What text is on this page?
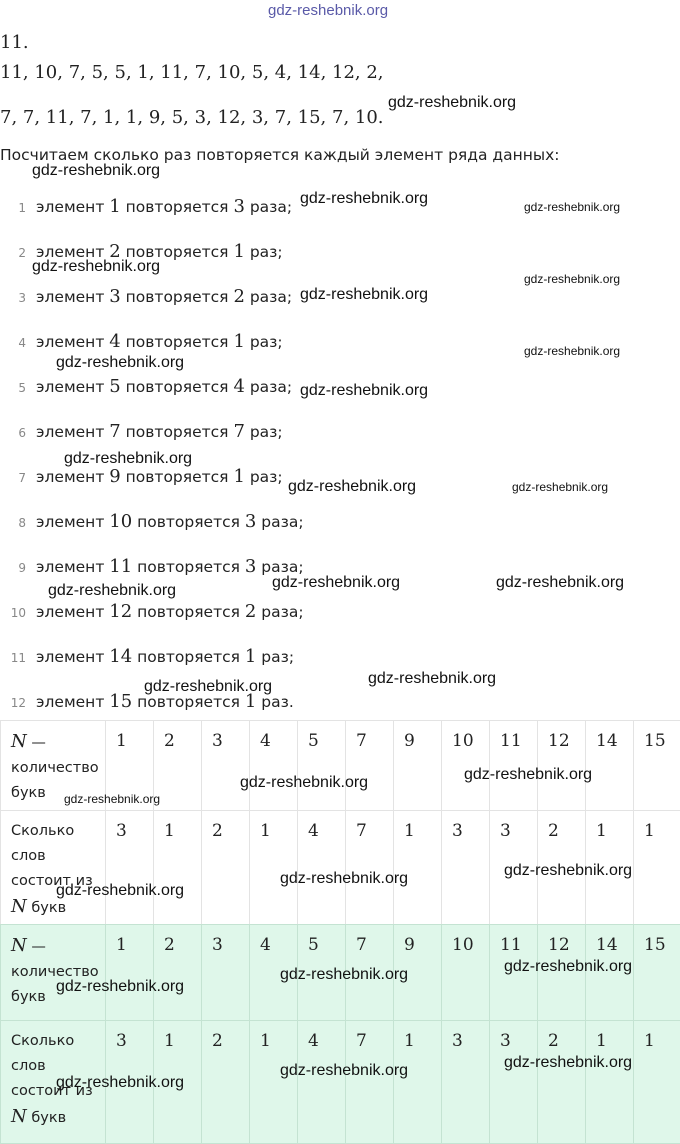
gdz-reshebnik.org
11.
11, 10, 7, 5, 5, 1, 11, 7, 10, 5, 4, 14, 12, 2,
7, 7, 11, 7, 1, 1, 9, 5, 3, 12, 3, 7, 15, 7, 10.
gdz-reshebnik.org
Посчитаем сколько раз повторяется каждый элемент ряда данных:
gdz-reshebnik.org
1 элемент 1 повторяется 3 раза;
2 элемент 2 повторяется 1 раз;
3 элемент 3 повторяется 2 раза;
4 элемент 4 повторяется 1 раз;
5 элемент 5 повторяется 4 раза;
6 элемент 7 повторяется 7 раз;
7 элемент 9 повторяется 1 раз;
8 элемент 10 повторяется 3 раза;
9 элемент 11 повторяется 3 раза;
10 элемент 12 повторяется 2 раза;
11 элемент 14 повторяется 1 раз;
12 элемент 15 повторяется 1 раз.
gdz-reshebnik.org	gdz-reshebnik.org
gdz-reshebnik.org
gdz-reshebnik.org
gdz-reshebnik.org
gdz-reshebnik.org
gdz-reshebnik.org
gdz-reshebnik.org
gdz-reshebnik.org
gdz-reshebnik.org	gdz-reshebnik.org
gdz-reshebnik.org	gdz-reshebnik.org
gdz-reshebnik.org
gdz-reshebnik.org
gdz-reshebnik.org
N — количество букв	1	2	3	4	5	7	9	10	11	12	14	15
Сколько слов состоит из N букв	3	1	2	1	4	7	1	3	3	2	1	1
N — количество букв	1	2	3	4	5	7	9	10	11	12	14	15
Сколько слов состоит из N букв	3	1	2	1	4	7	1	3	3	2	1	1
gdz-reshebnik.org	gdz-reshebnik.org
gdz-reshebnik.org
gdz-reshebnik.org
gdz-reshebnik.org	gdz-reshebnik.org
gdz-reshebnik.org	gdz-reshebnik.org
gdz-reshebnik.org
gdz-reshebnik.org	gdz-reshebnik.org
gdz-reshebnik.org
